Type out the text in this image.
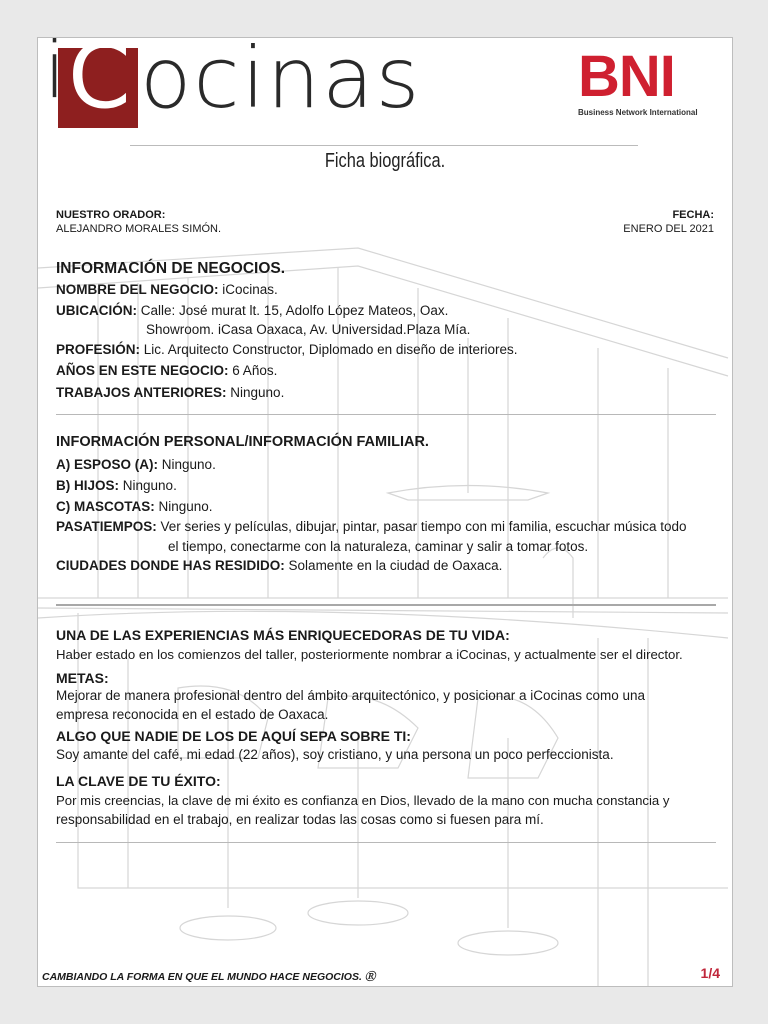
i C ocinas	BNI
Business Network International
Ficha biográfica.
NUESTRO ORADOR:
ALEJANDRO MORALES SIMÓN.
FECHA:
ENERO DEL 2021
INFORMACIÓN DE NEGOCIOS.
NOMBRE DEL NEGOCIO: iCocinas.
UBICACIÓN: Calle: José murat lt. 15, Adolfo López Mateos, Oax.
Showroom. iCasa Oaxaca, Av. Universidad.Plaza Mía.
PROFESIÓN: Lic. Arquitecto Constructor, Diplomado en diseño de interiores.
AÑOS EN ESTE NEGOCIO: 6 Años.
TRABAJOS ANTERIORES: Ninguno.
INFORMACIÓN PERSONAL/INFORMACIÓN FAMILIAR.
A) ESPOSO (A): Ninguno.
B) HIJOS: Ninguno.
C) MASCOTAS: Ninguno.
PASATIEMPOS: Ver series y películas, dibujar, pintar, pasar tiempo con mi familia, escuchar música todo
el tiempo, conectarme con la naturaleza, caminar y salir a tomar fotos.
CIUDADES DONDE HAS RESIDIDO: Solamente en la ciudad de Oaxaca.
UNA DE LAS EXPERIENCIAS MÁS ENRIQUECEDORAS DE TU VIDA:
Haber estado en los comienzos del taller, posteriormente nombrar a iCocinas, y actualmente ser el director.
METAS:
Mejorar de manera profesional dentro del ámbito arquitectónico, y posicionar a iCocinas como una
empresa reconocida en el estado de Oaxaca.
ALGO QUE NADIE DE LOS DE AQUÍ SEPA SOBRE TI:
Soy amante del café, mi edad (22 años), soy cristiano, y una persona un poco perfeccionista.
LA CLAVE DE TU ÉXITO:
Por mis creencias, la clave de mi éxito es confianza en Dios, llevado de la mano con mucha constancia y
responsabilidad en el trabajo, en realizar todas las cosas como si fuesen para mí.
CAMBIANDO LA FORMA EN QUE EL MUNDO HACE NEGOCIOS. Ⓡ	1/4
